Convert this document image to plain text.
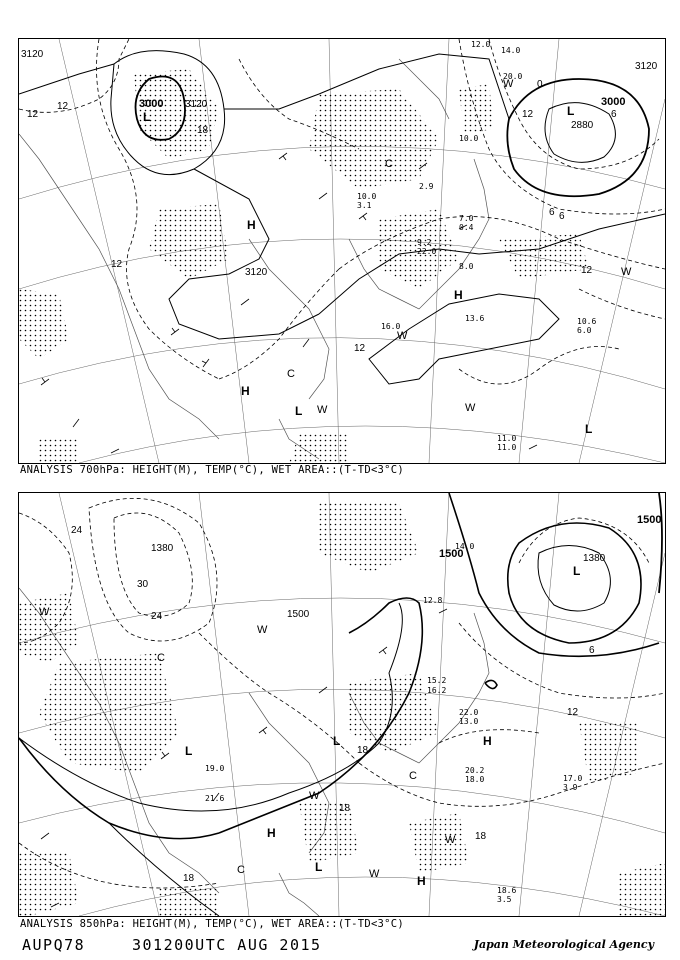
3120
3000 3120
3120
3000
2880
3120
12
12
12
18
12
12
6
12	6
0
6
L	L
H
H
H
L
L
C
C
W	W
W
W
W
11.0
11.0
10.6
6.0
13.6
16.0
8.0
9.2
22.0
10.0
2.9
7.0
0.4
10.0
3.1
12.0
14.0
20.0
ANALYSIS 700hPa: HEIGHT(M), TEMP(°C), WET AREA::(T-TD<3°C)
1500
1500
1500
1380
1380
24
30
24
18
18
18
12
6
18
L
L
L
L
H
H
H
C
C
C
W
W
W
W
W
18.6
3.5
17.0
3.9
20.2
18.0
22.0
13.0
14.0
16.2
12.8
15.2
21.6
19.0
ANALYSIS 850hPa: HEIGHT(M), TEMP(°C), WET AREA::(T-TD<3°C)
AUPQ78	301200UTC AUG 2015	Japan Meteorological Agency
